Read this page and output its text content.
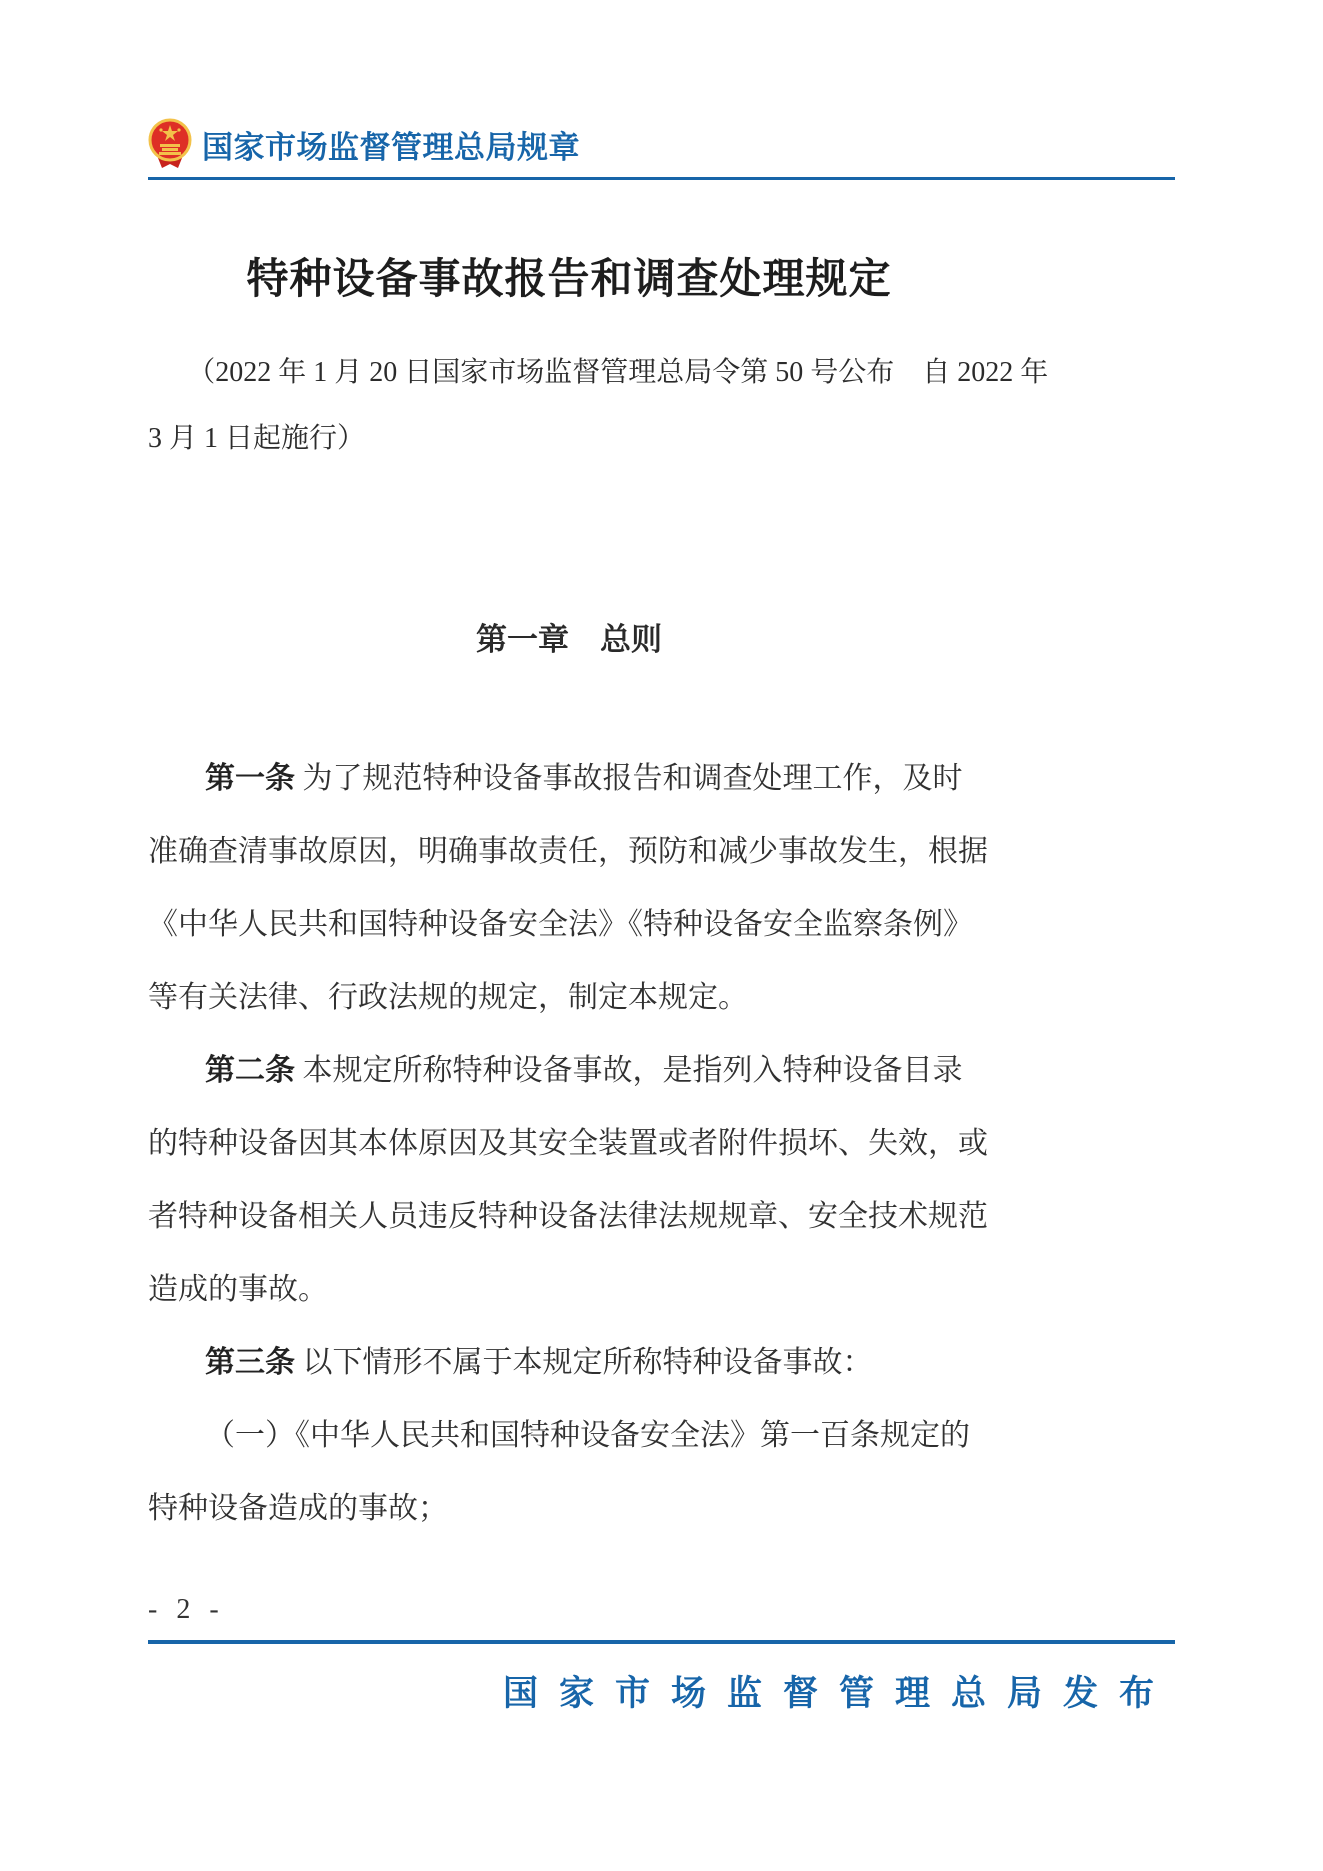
国家市场监督管理总局规章
特种设备事故报告和调查处理规定
（2022 年 1 月 20 日国家市场监督管理总局令第 50 号公布　自 2022 年
3 月 1 日起施行）
第一章　总则
第一条 为了规范特种设备事故报告和调查处理工作，及时
准确查清事故原因，明确事故责任，预防和减少事故发生，根据
《中华人民共和国特种设备安全法》《特种设备安全监察条例》
等有关法律、行政法规的规定，制定本规定。
第二条 本规定所称特种设备事故，是指列入特种设备目录
的特种设备因其本体原因及其安全装置或者附件损坏、失效，或
者特种设备相关人员违反特种设备法律法规规章、安全技术规范
造成的事故。
第三条 以下情形不属于本规定所称特种设备事故：
（一）《中华人民共和国特种设备安全法》第一百条规定的
特种设备造成的事故；
- 2 -
国家市场监督管理总局发布
